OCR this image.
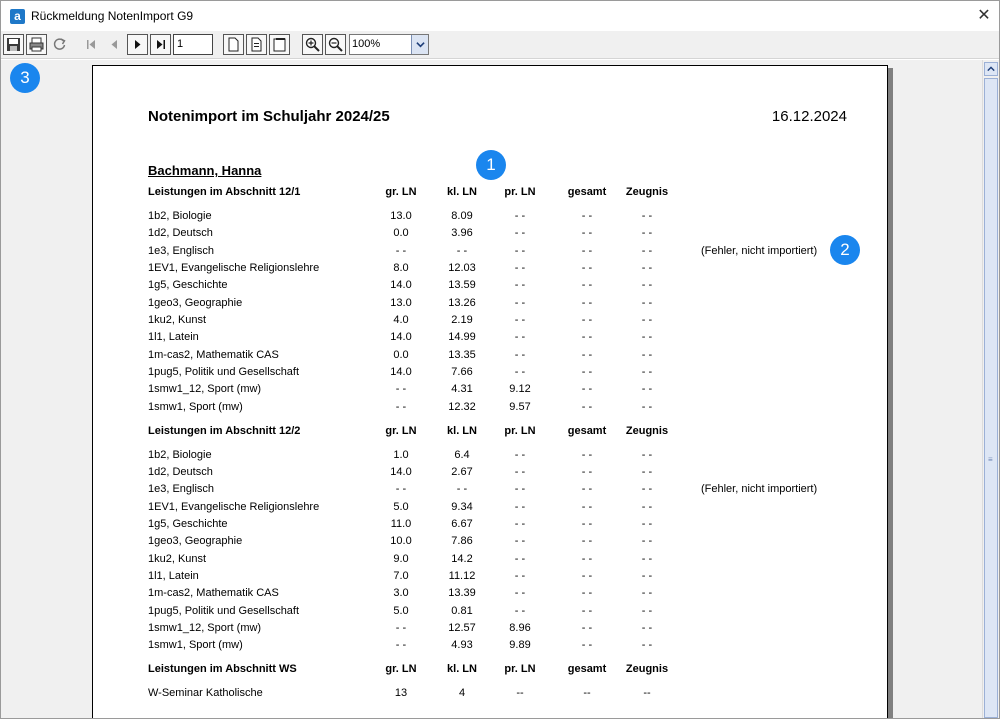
a Rückmeldung NotenImport G9	✕
1	100%
Notenimport im Schuljahr 2024/25	16.12.2024
Bachmann, Hanna
Leistungen im Abschnitt 12/1	gr. LN	kl. LN	pr. LN	gesamt	Zeugnis
1b2, Biologie	13.0	8.09	- -	- -	- -
1d2, Deutsch	0.0	3.96	- -	- -	- -
1e3, Englisch	- -	- -	- -	- -	- -	(Fehler, nicht importiert)
1EV1, Evangelische Religionslehre	8.0	12.03	- -	- -	- -
1g5, Geschichte	14.0	13.59	- -	- -	- -
1geo3, Geographie	13.0	13.26	- -	- -	- -
1ku2, Kunst	4.0	2.19	- -	- -	- -
1l1, Latein	14.0	14.99	- -	- -	- -
1m-cas2, Mathematik CAS	0.0	13.35	- -	- -	- -
1pug5, Politik und Gesellschaft	14.0	7.66	- -	- -	- -
1smw1_12, Sport (mw)	- -	4.31	9.12	- -	- -
1smw1, Sport (mw)	- -	12.32	9.57	- -	- -
Leistungen im Abschnitt 12/2	gr. LN	kl. LN	pr. LN	gesamt	Zeugnis
1b2, Biologie	1.0	6.4	- -	- -	- -
1d2, Deutsch	14.0	2.67	- -	- -	- -
1e3, Englisch	- -	- -	- -	- -	- -	(Fehler, nicht importiert)
1EV1, Evangelische Religionslehre	5.0	9.34	- -	- -	- -
1g5, Geschichte	11.0	6.67	- -	- -	- -
1geo3, Geographie	10.0	7.86	- -	- -	- -
1ku2, Kunst	9.0	14.2	- -	- -	- -
1l1, Latein	7.0	11.12	- -	- -	- -
1m-cas2, Mathematik CAS	3.0	13.39	- -	- -	- -
1pug5, Politik und Gesellschaft	5.0	0.81	- -	- -	- -
1smw1_12, Sport (mw)	- -	12.57	8.96	- -	- -
1smw1, Sport (mw)	- -	4.93	9.89	- -	- -
Leistungen im Abschnitt WS	gr. LN	kl. LN	pr. LN	gesamt	Zeugnis
W-Seminar Katholische	13	4	--	--	--
≡
3
1
2
